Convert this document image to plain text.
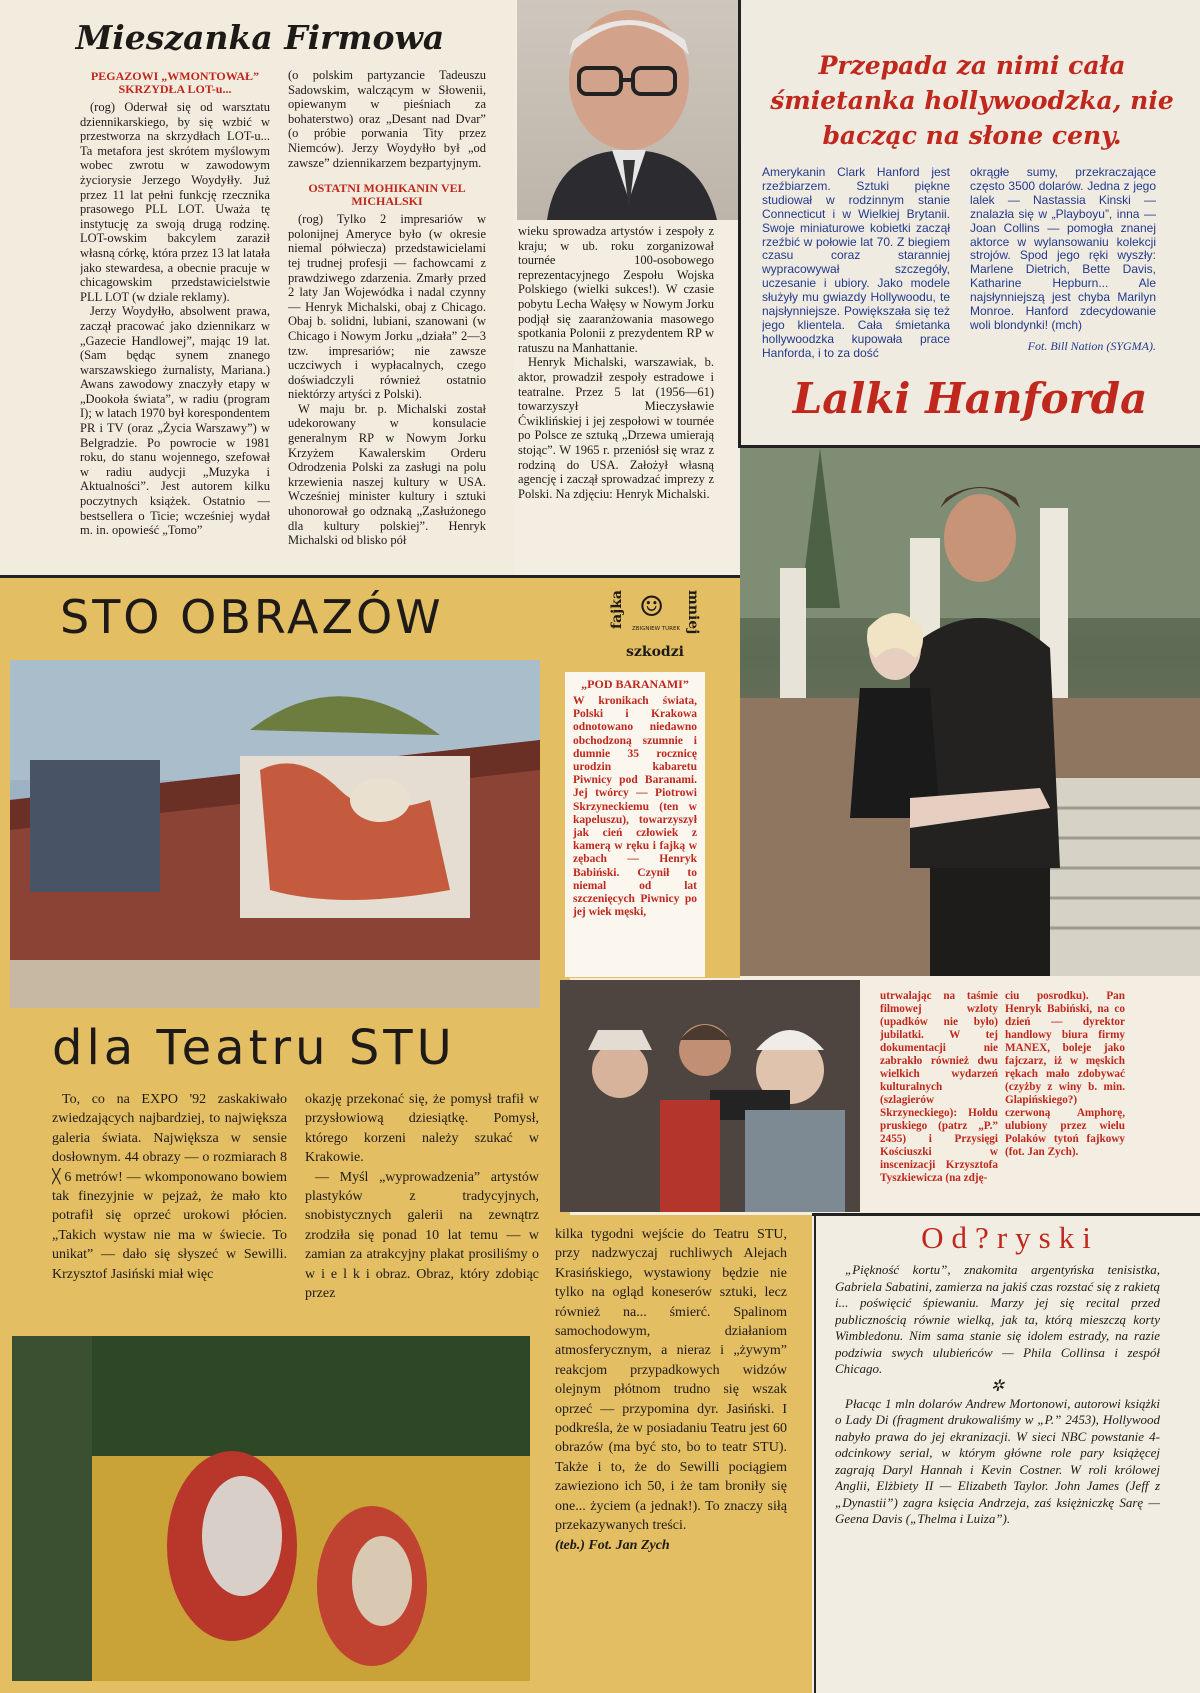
Mieszanka Firmowa
PEGAZOWI „WMONTOWAŁ” SKRZYDŁA LOT-u...

(rog) Oderwał się od warsztatu dziennikarskiego, by się wzbić w przestworza na skrzydłach LOT-u... Ta metafora jest skrótem myślowym wobec zwrotu w zawodowym życiorysie Jerzego Woydyłły. Już przez 11 lat pełni funkcję rzecznika prasowego PLL LOT. Uważa tę instytucję za swoją drugą rodzinę. LOT-owskim bakcylem zaraził własną córkę, która przez 13 lat latała jako stewardesa, a obecnie pracuje w chicagowskim przedstawicielstwie PLL LOT (w dziale reklamy).

Jerzy Woydyłło, absolwent prawa, zaczął pracować jako dziennikarz w „Gazecie Handlowej”, mając 19 lat. (Sam będąc synem znanego warszawskiego żurnalisty, Mariana.) Awans zawodowy znaczyły etapy w „Dookoła świata”, w radiu (program I); w latach 1970 był korespondentem PR i TV (oraz „Życia Warszawy”) w Belgradzie. Po powrocie w 1981 roku, do stanu wojennego, szefował w radiu audycji „Muzyka i Aktualności”. Jest autorem kilku poczytnych książek. Ostatnio — bestsellera o Ticie; wcześniej wydał m. in. opowieść „Tomo”

(o polskim partyzancie Tadeuszu Sadowskim, walczącym w Słowenii, opiewanym w pieśniach za bohaterstwo) oraz „Desant nad Dvar” (o próbie porwania Tity przez Niemców). Jerzy Woydyłło był „od zawsze” dziennikarzem bezpartyjnym.

OSTATNI MOHIKANIN VEL MICHALSKI

(rog) Tylko 2 impresariów w polonijnej Ameryce było (w okresie niemal półwiecza) przedstawicielami tej trudnej profesji — fachowcami z prawdziwego zdarzenia. Zmarły przed 2 laty Jan Wojewódka i nadal czynny — Henryk Michalski, obaj z Chicago. Obaj b. solidni, lubiani, szanowani (w Chicago i Nowym Jorku „działa” 2—3 tzw. impresariów; nie zawsze uczciwych i wypłacalnych, czego doświadczyli również ostatnio niektórzy artyści z Polski).

W maju br. p. Michalski został udekorowany w konsulacie generalnym RP w Nowym Jorku Krzyżem Kawalerskim Orderu Odrodzenia Polski za zasługi na polu krzewienia naszej kultury w USA. Wcześniej minister kultury i sztuki uhonorował go odznaką „Zasłużonego dla kultury polskiej”. Henryk Michalski od blisko pół

wieku sprowadza artystów i zespoły z kraju; w ub. roku zorganizował tournée 100-osobowego reprezentacyjnego Zespołu Wojska Polskiego (wielki sukces!). W czasie pobytu Lecha Wałęsy w Nowym Jorku podjął się zaaranżowania masowego spotkania Polonii z prezydentem RP w ratuszu na Manhattanie.

Henryk Michalski, warszawiak, b. aktor, prowadził zespoły estradowe i teatralne. Przez 5 lat (1956—61) towarzyszył Mieczysławie Ćwiklińskiej i jej zespołowi w tournée po Polsce ze sztuką „Drzewa umierają stojąc”. W 1965 r. przeniósł się wraz z rodziną do USA. Założył własną agencję i zaczął sprowadzać imprezy z Polski. Na zdjęciu: Henryk Michalski.

Przepada za nimi cała śmietanka hollywoodzka, nie bacząc na słone ceny.
Amerykanin Clark Hanford jest rzeźbiarzem. Sztuki piękne studiował w rodzinnym stanie Connecticut i w Wielkiej Brytanii. Swoje miniaturowe kobietki zaczął rzeźbić w połowie lat 70. Z biegiem czasu coraz staranniej wypracowywał szczegóły, uczesanie i ubiory. Jako modele służyły mu gwiazdy Hollywoodu, te najsłynniejsze. Powiększała się też jego klientela. Cała śmietanka hollywoodzka kupowała prace Hanforda, i to za dość
okrągłe sumy, przekraczające często 3500 dolarów. Jedna z jego lalek — Nastassia Kinski — znalazła się w „Playboyu”, inna — Joan Collins — pomogła znanej aktorce w wylansowaniu kolekcji strojów. Spod jego ręki wyszły: Marlene Dietrich, Bette Davis, Katharine Hepburn... Ale najsłynniejszą jest chyba Marilyn Monroe. Hanford zdecydowanie woli blondynki! (mch)
Fot. Bill Nation (SYGMA).
Lalki Hanforda
STO OBRAZÓW
dla Teatru STU

To, co na EXPO '92 zaskakiwało zwiedzających najbardziej, to największa galeria świata. Największa w sensie dosłownym. 44 obrazy — o rozmiarach 8 ╳ 6 metrów! — wkomponowano bowiem tak finezyjnie w pejzaż, że mało kto potrafił się oprzeć urokowi płócien. „Takich wystaw nie ma w świecie. To unikat” — dało się słyszeć w Sewilli. Krzysztof Jasiński miał więc

okazję przekonać się, że pomysł trafił w przysłowiową dziesiątkę. Pomysł, którego korzeni należy szukać w Krakowie.

— Myśl „wyprowadzenia” artystów plastyków z tradycyjnych, snobistycznych galerii na zewnątrz zrodziła się ponad 10 lat temu — w zamian za atrakcyjny plakat prosiliśmy o w i e l k i obraz. Obraz, który zdobiąc przez

kilka tygodni wejście do Teatru STU, przy nadzwyczaj ruchliwych Alejach Krasińskiego, wystawiony będzie nie tylko na ogląd koneserów sztuki, lecz również na... śmierć. Spalinom samochodowym, działaniom atmosferycznym, a nieraz i „żywym” reakcjom przypadkowych widzów olejnym płótnom trudno się wszak oprzeć — przypomina dyr. Jasiński. I podkreśla, że w posiadaniu Teatru jest 60 obrazów (ma być sto, bo to teatr STU). Także i to, że do Sewilli pociągiem zawieziono ich 50, i że tam broniły się one... życiem (a jednak!). To znaczy siłą przekazywanych treści.

(teb.) Fot. Jan Zych
fajka	mniej
☺
ZBIGNIEW TUREK
szkodzi
„POD BARANAMI”
W kronikach świata, Polski i Krakowa odnotowano niedawno obchodzoną szumnie i dumnie 35 rocznicę urodzin kabaretu Piwnicy pod Baranami. Jej twórcy — Piotrowi Skrzyneckiemu (ten w kapeluszu), towarzyszył jak cień człowiek z kamerą w ręku i fajką w zębach — Henryk Babiński. Czynił to niemal od lat szczenięcych Piwnicy po jej wiek męski,
utrwalając na taśmie filmowej wzloty (upadków nie było) jubilatki. W tej dokumentacji nie zabrakło również dwu wielkich wydarzeń kulturalnych (szlagierów Skrzyneckiego): Hołdu pruskiego (patrz „P.” 2455) i Przysięgi Kościuszki w inscenizacji Krzysztofa Tyszkiewicza (na zdję-
ciu posrodku). Pan Henryk Babiński, na co dzień — dyrektor handlowy biura firmy MANEX, boleje jako fajczarz, iż w męskich rękach mało zdobywać (czyżby z winy b. min. Glapińskiego?) czerwoną Amphorę, ulubiony przez wielu Polaków tytoń fajkowy (fot. Jan Zych).
Od?ryski

„Piękność kortu”, znakomita argentyńska tenisistka, Gabriela Sabatini, zamierza na jakiś czas rozstać się z rakietą i... poświęcić śpiewaniu. Marzy jej się recital przed publicznością równie wielką, jak ta, którą mieszczą korty Wimbledonu. Nim sama stanie się idolem estrady, na razie podziwia swych ulubieńców — Phila Collinsa i zespół Chicago.

✲

Płacąc 1 mln dolarów Andrew Mortonowi, autorowi książki o Lady Di (fragment drukowaliśmy w „P.” 2453), Hollywood nabyło prawa do jej ekranizacji. W sieci NBC powstanie 4-odcinkowy serial, w którym główne role pary książęcej zagrają Daryl Hannah i Kevin Costner. W roli królowej Anglii, Elżbiety II — Elizabeth Taylor. John James (Jeff z „Dynastii”) zagra księcia Andrzeja, zaś księżniczkę Sarę — Geena Davis („Thelma i Luiza”).
